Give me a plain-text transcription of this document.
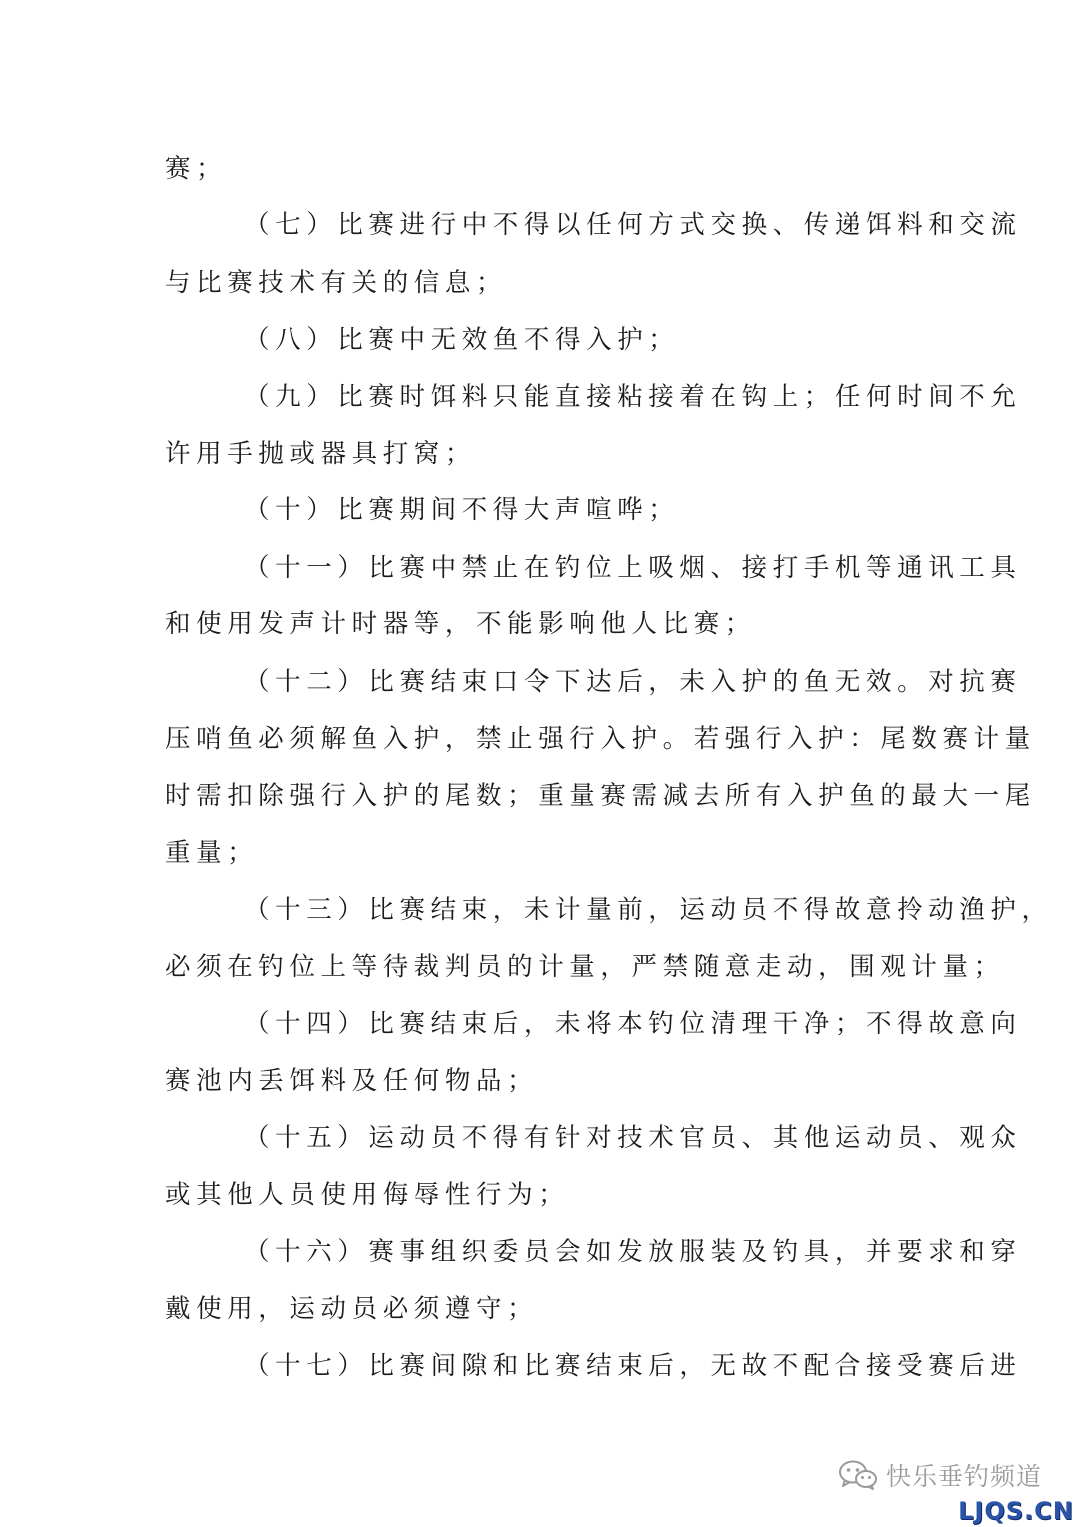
赛；
（七）比赛进行中不得以任何方式交换、传递饵料和交流
与比赛技术有关的信息；
（八）比赛中无效鱼不得入护；
（九）比赛时饵料只能直接粘接着在钩上；任何时间不允
许用手抛或器具打窝；
（十）比赛期间不得大声喧哗；
（十一）比赛中禁止在钓位上吸烟、接打手机等通讯工具
和使用发声计时器等，不能影响他人比赛；
（十二）比赛结束口令下达后，未入护的鱼无效。对抗赛
压哨鱼必须解鱼入护，禁止强行入护。若强行入护：尾数赛计量
时需扣除强行入护的尾数；重量赛需减去所有入护鱼的最大一尾
重量；
（十三）比赛结束，未计量前，运动员不得故意拎动渔护，
必须在钓位上等待裁判员的计量，严禁随意走动，围观计量；
（十四）比赛结束后，未将本钓位清理干净；不得故意向
赛池内丢饵料及任何物品；
（十五）运动员不得有针对技术官员、其他运动员、观众
或其他人员使用侮辱性行为；
（十六）赛事组织委员会如发放服装及钓具，并要求和穿
戴使用，运动员必须遵守；
（十七）比赛间隙和比赛结束后，无故不配合接受赛后进
快乐垂钓频道
LJQS.CN
